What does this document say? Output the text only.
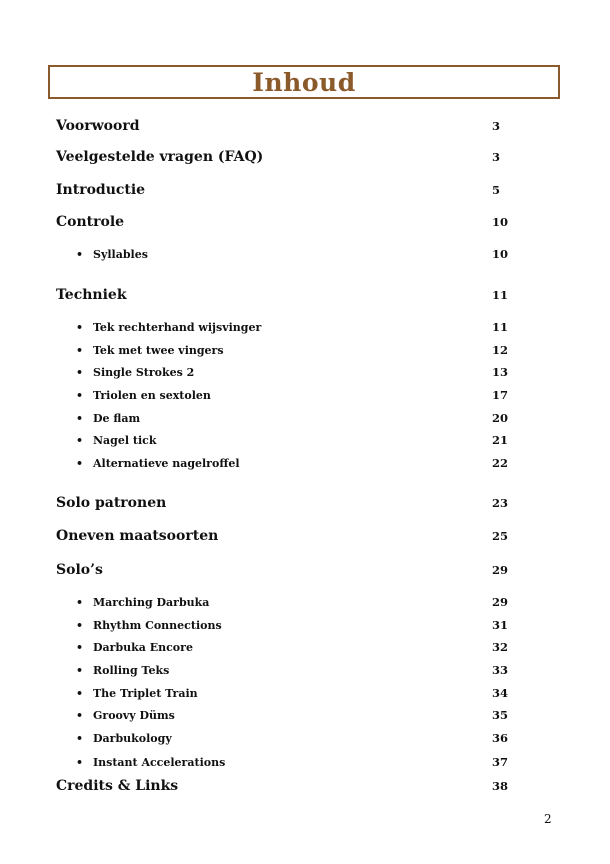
Inhoud
Voorwoord	3
Veelgestelde vragen (FAQ)	3
Introductie	5
Controle	10
• Syllables	10
Techniek	11
• Tek rechterhand wijsvinger	11
• Tek met twee vingers	12
• Single Strokes 2	13
• Triolen en sextolen	17
• De flam	20
• Nagel tick	21
• Alternatieve nagelroffel	22
Solo patronen	23
Oneven maatsoorten	25
Solo’s	29
• Marching Darbuka	29
• Rhythm Connections	31
• Darbuka Encore	32
• Rolling Teks	33
• The Triplet Train	34
• Groovy Düms	35
• Darbukology	36
• Instant Accelerations	37
Credits & Links	38
2
